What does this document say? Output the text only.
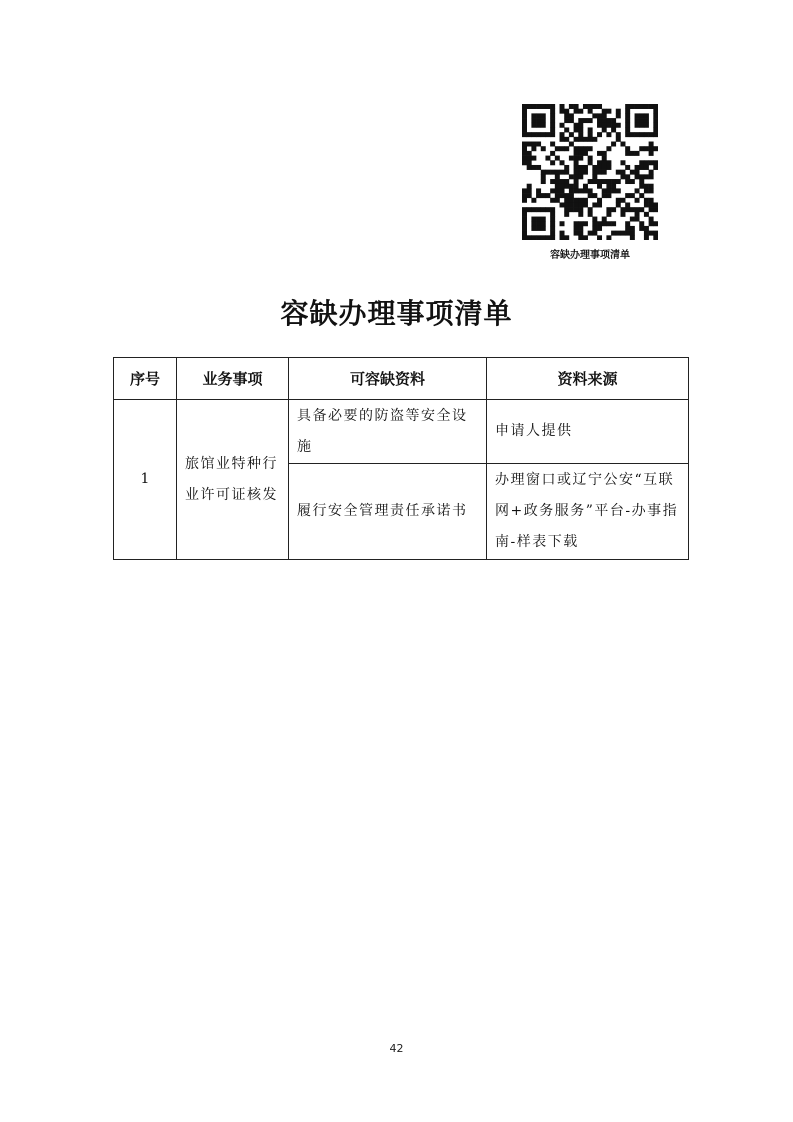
容缺办理事项清单
容缺办理事项清单
序号	业务事项	可容缺资料	资料来源
1	旅馆业特种行业许可证核发	具备必要的防盗等安全设施	申请人提供
		履行安全管理责任承诺书	办理窗口或辽宁公安“互联网+政务服务”平台-办事指南-样表下载
42
